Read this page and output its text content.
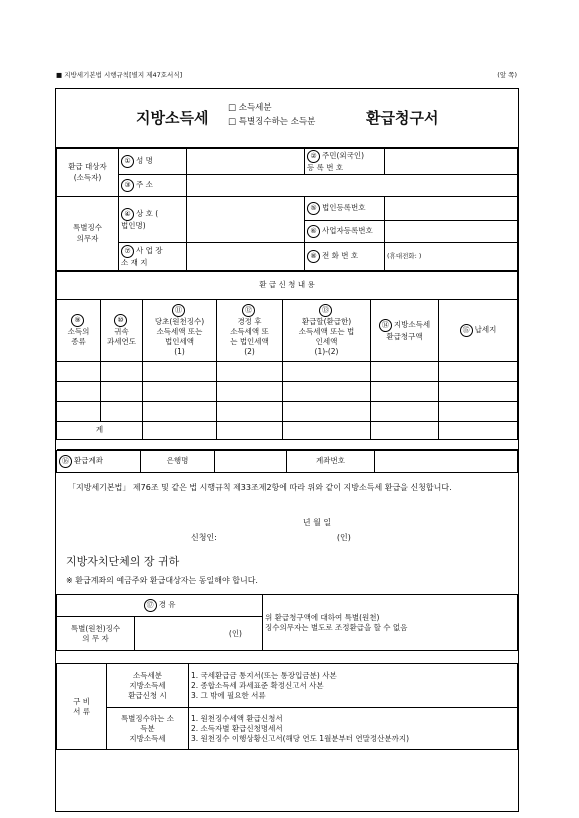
■ 지방세기본법 시행규칙[별지 제47호서식]	(앞 쪽)
지방소득세
□ 소득세분
□ 특별징수하는 소득분	환급청구서
환급 대상자
(소득자)	① 성 명		② 주민(외국인)
등 록 번 호	
	③ 주 소			
특별징수
의무자	④ 상 호 (
법인명)		⑤ 법인등록번호	
			⑥ 사업자등록번호	
	⑦ 사 업 장
소 재 지		⑧ 전 화 번 호	(휴대전화: )
환 급 신 청 내 용						
⑨
소득의
종류	⑩
귀속
과세연도	⑪
당초(원천징수)
소득세액 또는
법인세액
(1)	⑫
경정 후
소득세액 또
는 법인세액
(2)	⑬
환급할(환급한)
소득세액 또는 법
인세액
(1)-(2)	⑭ 지방소득세
환급청구액	⑮ 납세지

계						

⑯ 환급계좌	은행명		계좌번호	
「지방세기본법」 제76조 및 같은 법 시행규칙 제33조제2항에 따라 위와 같이 지방소득세 환급을 신청합니다.
년 월 일
신청인:	(인)
지방자치단체의 장 귀하
※ 환급계좌의 예금주와 환급대상자는 동일해야 합니다.
⑰ 경 유		위 환급청구액에 대하여 특별(원천)
징수의무자는 별도로 조정환급을 할 수 없음
특별(원천)징수
의 무 자	(인)	
구 비
서 류	소득세분
지방소득세
환급신청 시	1. 국세환급금 통지서(또는 통장입금분) 사본
2. 종합소득세 과세표준 확정신고서 사본
3. 그 밖에 필요한 서류
	특별징수하는 소
득분
지방소득세	1. 원천징수세액 환급신청서
2. 소득자별 환급신청명세서
3. 원천징수 이행상황신고서(해당 연도 1월분부터 연말정산분까지)
